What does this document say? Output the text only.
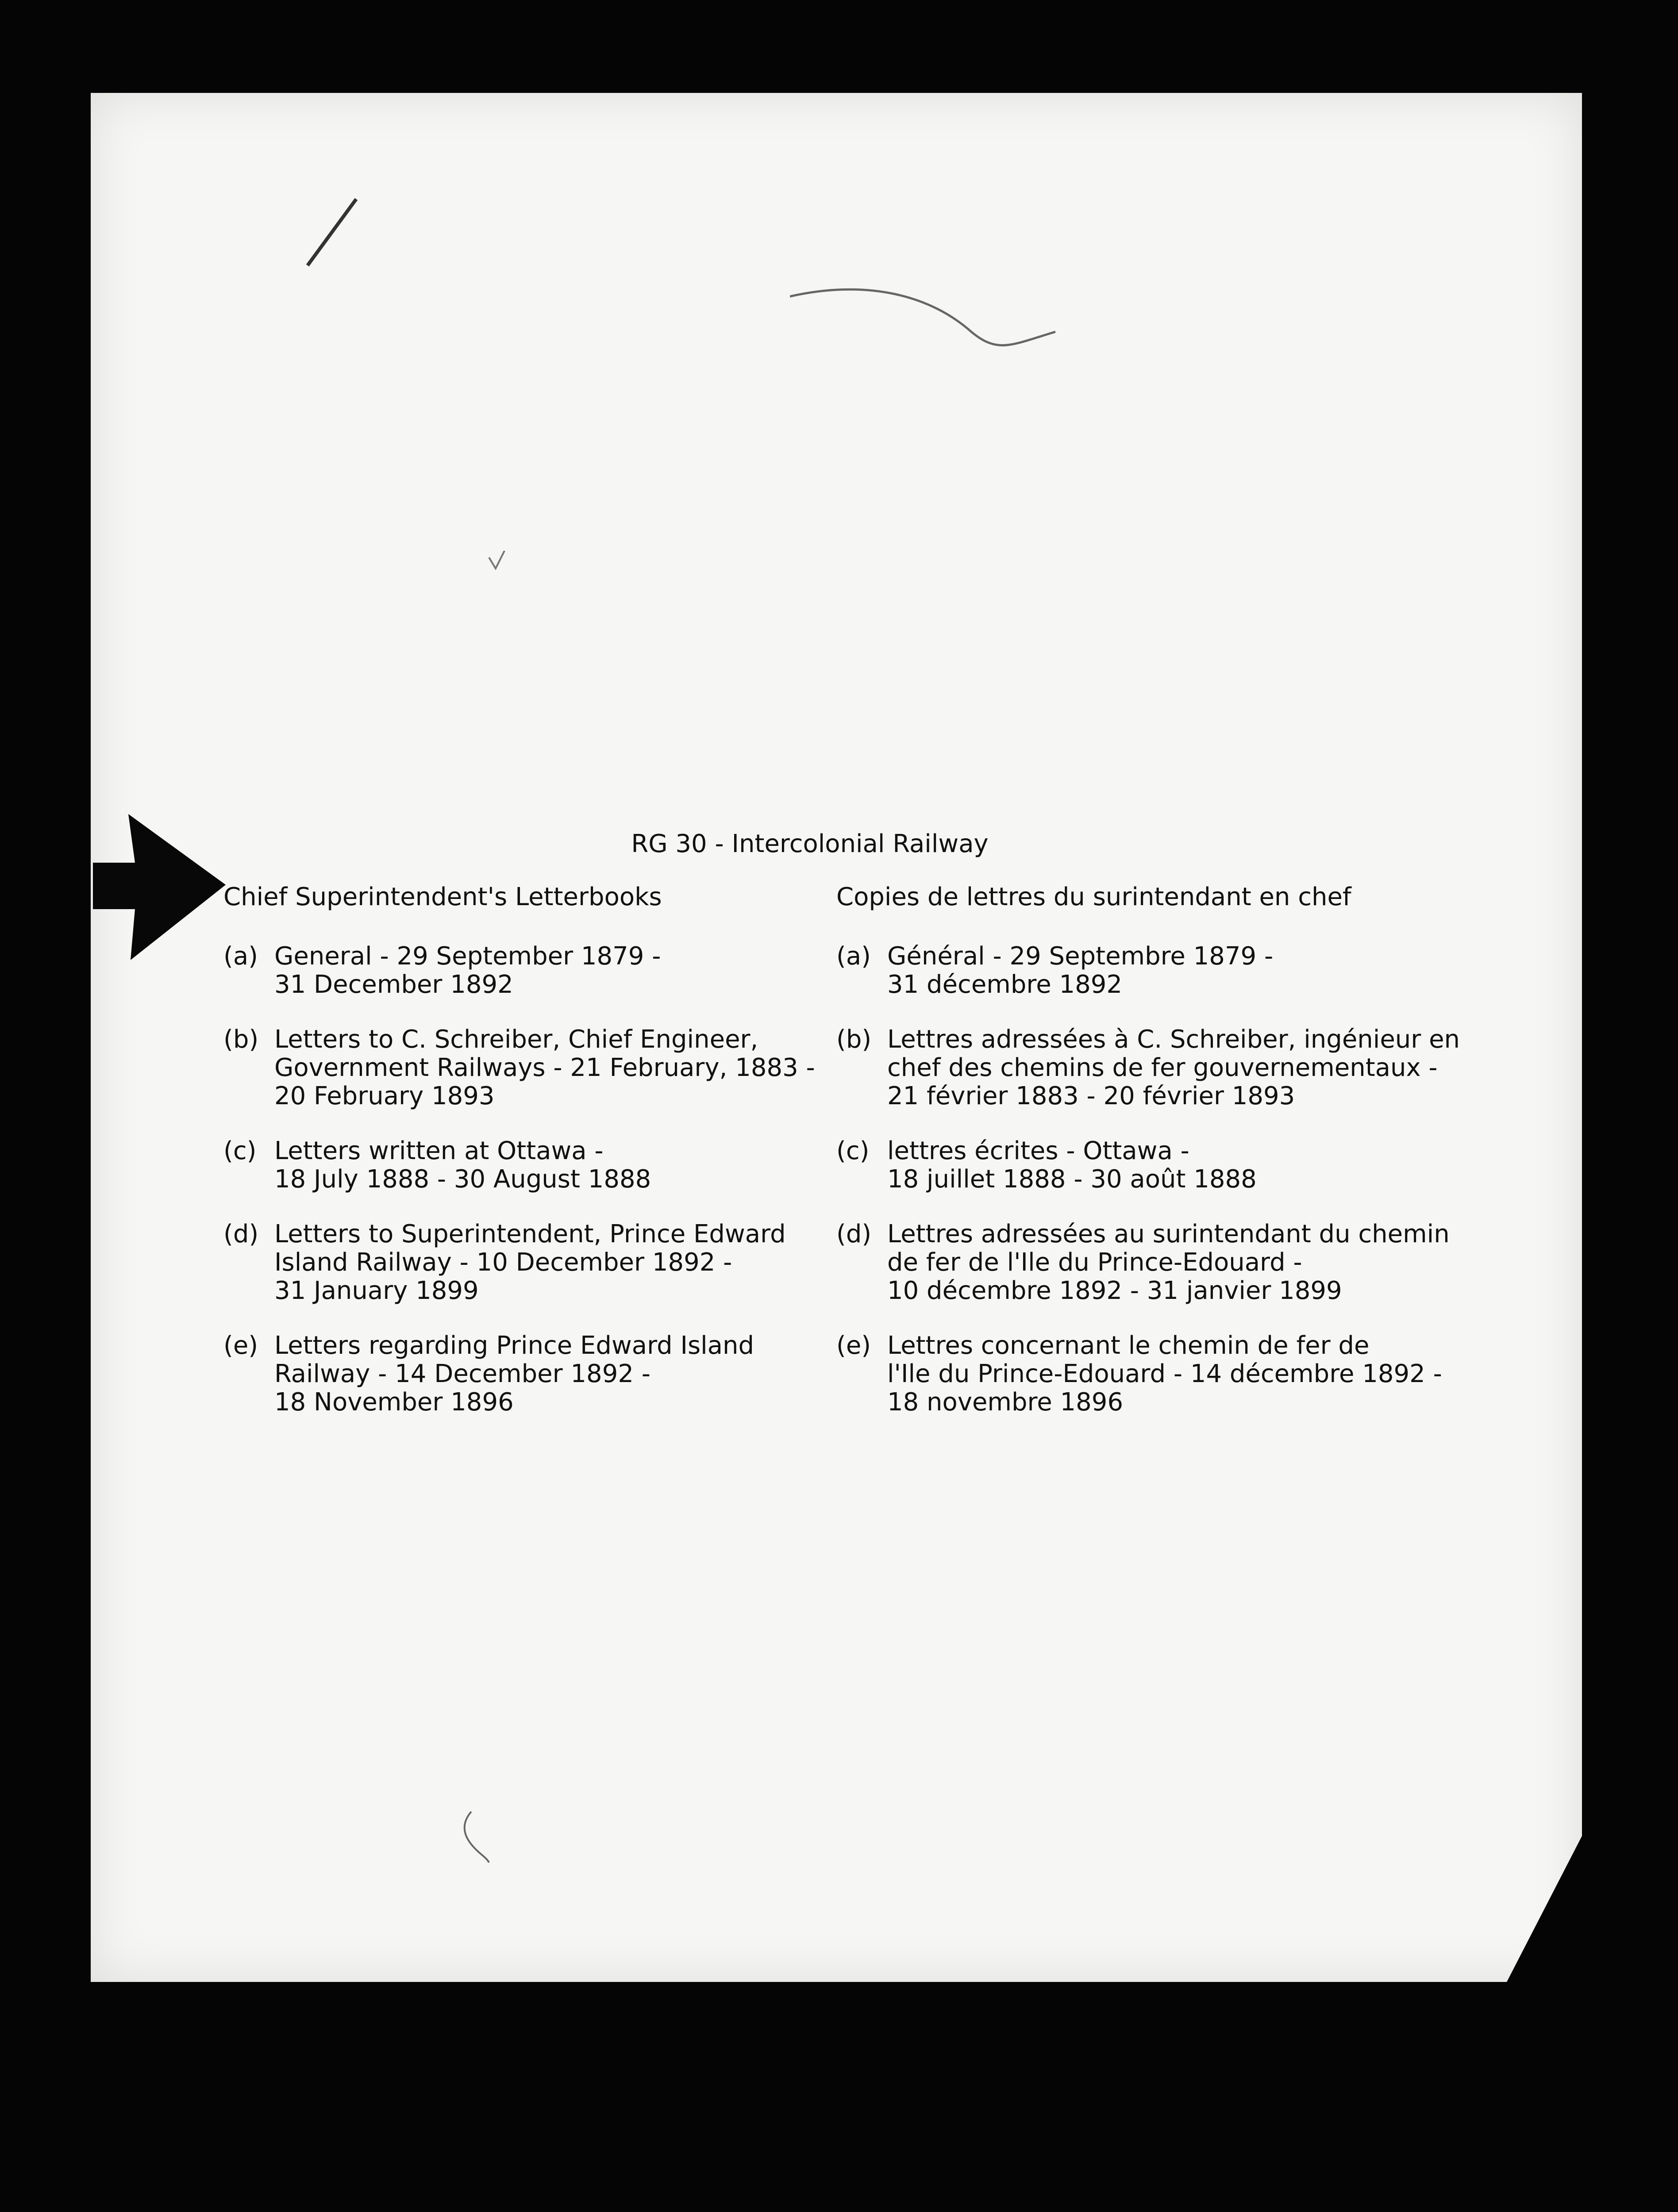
RG 30 - Intercolonial Railway
Chief Superintendent's Letterbooks
(a) General - 29 September 1879 -
31 December 1892
(b) Letters to C. Schreiber, Chief Engineer,
Government Railways - 21 February, 1883 -
20 February 1893
(c) Letters written at Ottawa -
18 July 1888 - 30 August 1888
(d) Letters to Superintendent, Prince Edward
Island Railway - 10 December 1892 -
31 January 1899
(e) Letters regarding Prince Edward Island
Railway - 14 December 1892 -
18 November 1896
Copies de lettres du surintendant en chef
(a) Général - 29 Septembre 1879 -
31 décembre 1892
(b) Lettres adressées à C. Schreiber, ingénieur en
chef des chemins de fer gouvernementaux -
21 février 1883 - 20 février 1893
(c) lettres écrites - Ottawa -
18 juillet 1888 - 30 août 1888
(d) Lettres adressées au surintendant du chemin
de fer de l'Ile du Prince-Edouard -
10 décembre 1892 - 31 janvier 1899
(e) Lettres concernant le chemin de fer de
l'Ile du Prince-Edouard - 14 décembre 1892 -
18 novembre 1896
